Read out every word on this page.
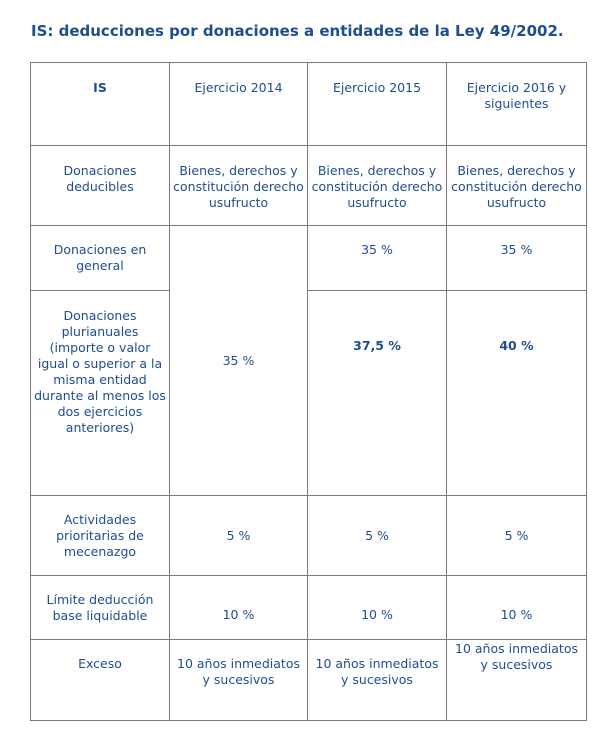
IS: deducciones por donaciones a entidades de la Ley 49/2002.
IS	Ejercicio 2014	Ejercicio 2015	Ejercicio 2016 y siguientes
Donaciones deducibles	Bienes, derechos y constitución derecho usufructo	Bienes, derechos y constitución derecho usufructo	Bienes, derechos y constitución derecho usufructo
Donaciones en general	35 %	35 %	35 %
Donaciones plurianuales (importe o valor igual o superior a la misma entidad durante al menos los dos ejercicios anteriores)		37,5 %	40 %
Actividades prioritarias de mecenazgo	5 %	5 %	5 %
Límite deducción base liquidable	10 %	10 %	10 %
Exceso	10 años inmediatos y sucesivos	10 años inmediatos y sucesivos	10 años inmediatos y sucesivos
